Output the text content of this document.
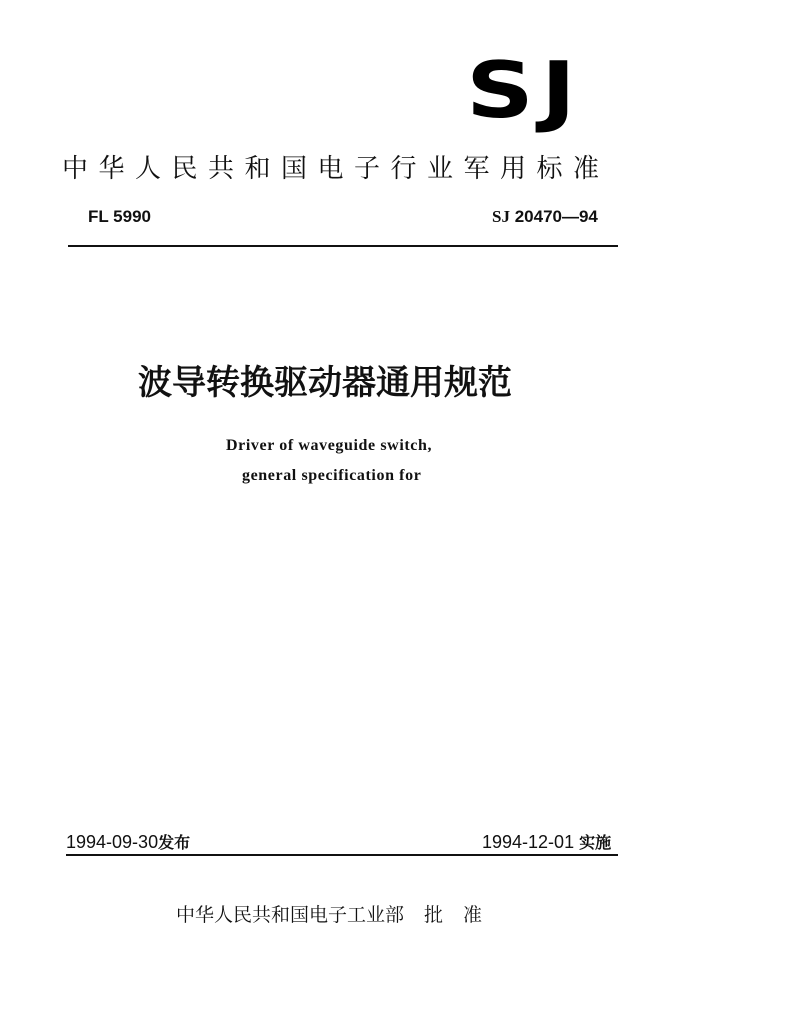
SJ
中华人民共和国电子行业军用标准
FL 5990	SJ 20470—94
波导转换驱动器通用规范
Driver of waveguide switch,
general specification for
1994-09-30发布	1994-12-01 实施
中华人民共和国电子工业部 批准
